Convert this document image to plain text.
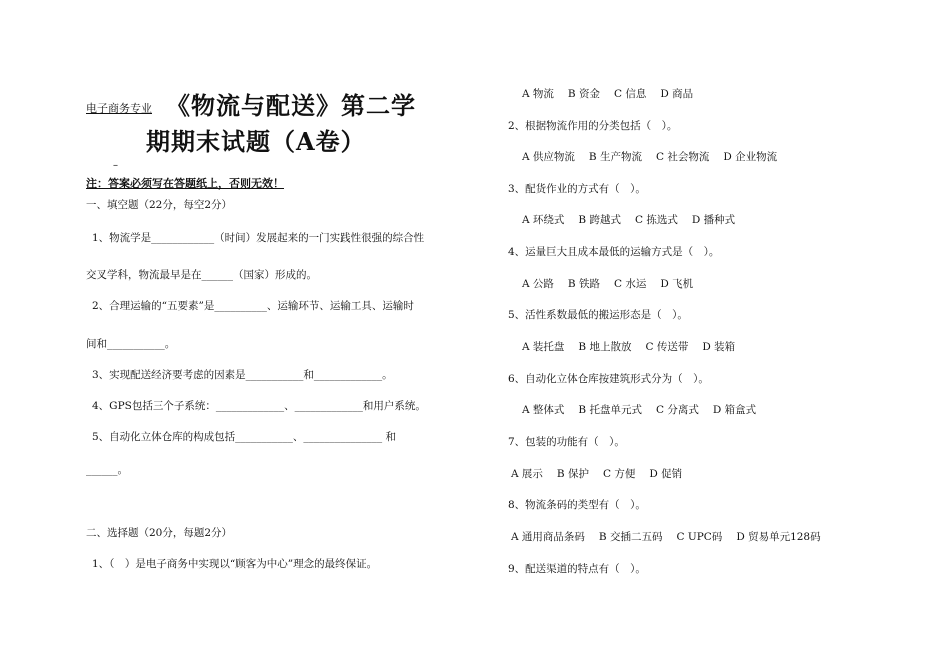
电子商务专业 《物流与配送》第二学
期期末试题（A卷）
–
注：答案必须写在答题纸上，否则无效！
一、填空题（22分，每空2分）
1、物流学是____________（时间）发展起来的一门实践性很强的综合性
交叉学科，物流最早是在______（国家）形成的。
2、合理运输的“五要素”是__________、运输环节、运输工具、运输时
间和___________。
3、实现配送经济要考虑的因素是___________和_____________。
4、GPS包括三个子系统：_____________、_____________和用户系统。
5、自动化立体仓库的构成包括___________、_______________ 和
______。
二、选择题（20分，每题2分）
1、（　）是电子商务中实现以“顾客为中心”理念的最终保证。
A 物流 B 资金 C 信息 D 商品
2、根据物流作用的分类包括（　）。
A 供应物流 B 生产物流 C 社会物流 D 企业物流
3、配货作业的方式有（　）。
A 环绕式 B 跨越式 C 拣选式 D 播种式
4、运量巨大且成本最低的运输方式是（　）。
A 公路 B 铁路 C 水运 D 飞机
5、活性系数最低的搬运形态是（　）。
A 装托盘 B 地上散放 C 传送带 D 装箱
6、自动化立体仓库按建筑形式分为（　）。
A 整体式 B 托盘单元式 C 分离式 D 箱盒式
7、包装的功能有（　）。
A 展示 B 保护 C 方便 D 促销
8、物流条码的类型有（　）。
A 通用商品条码 B 交插二五码 C UPC码 D 贸易单元128码
9、配送渠道的特点有（　）。
